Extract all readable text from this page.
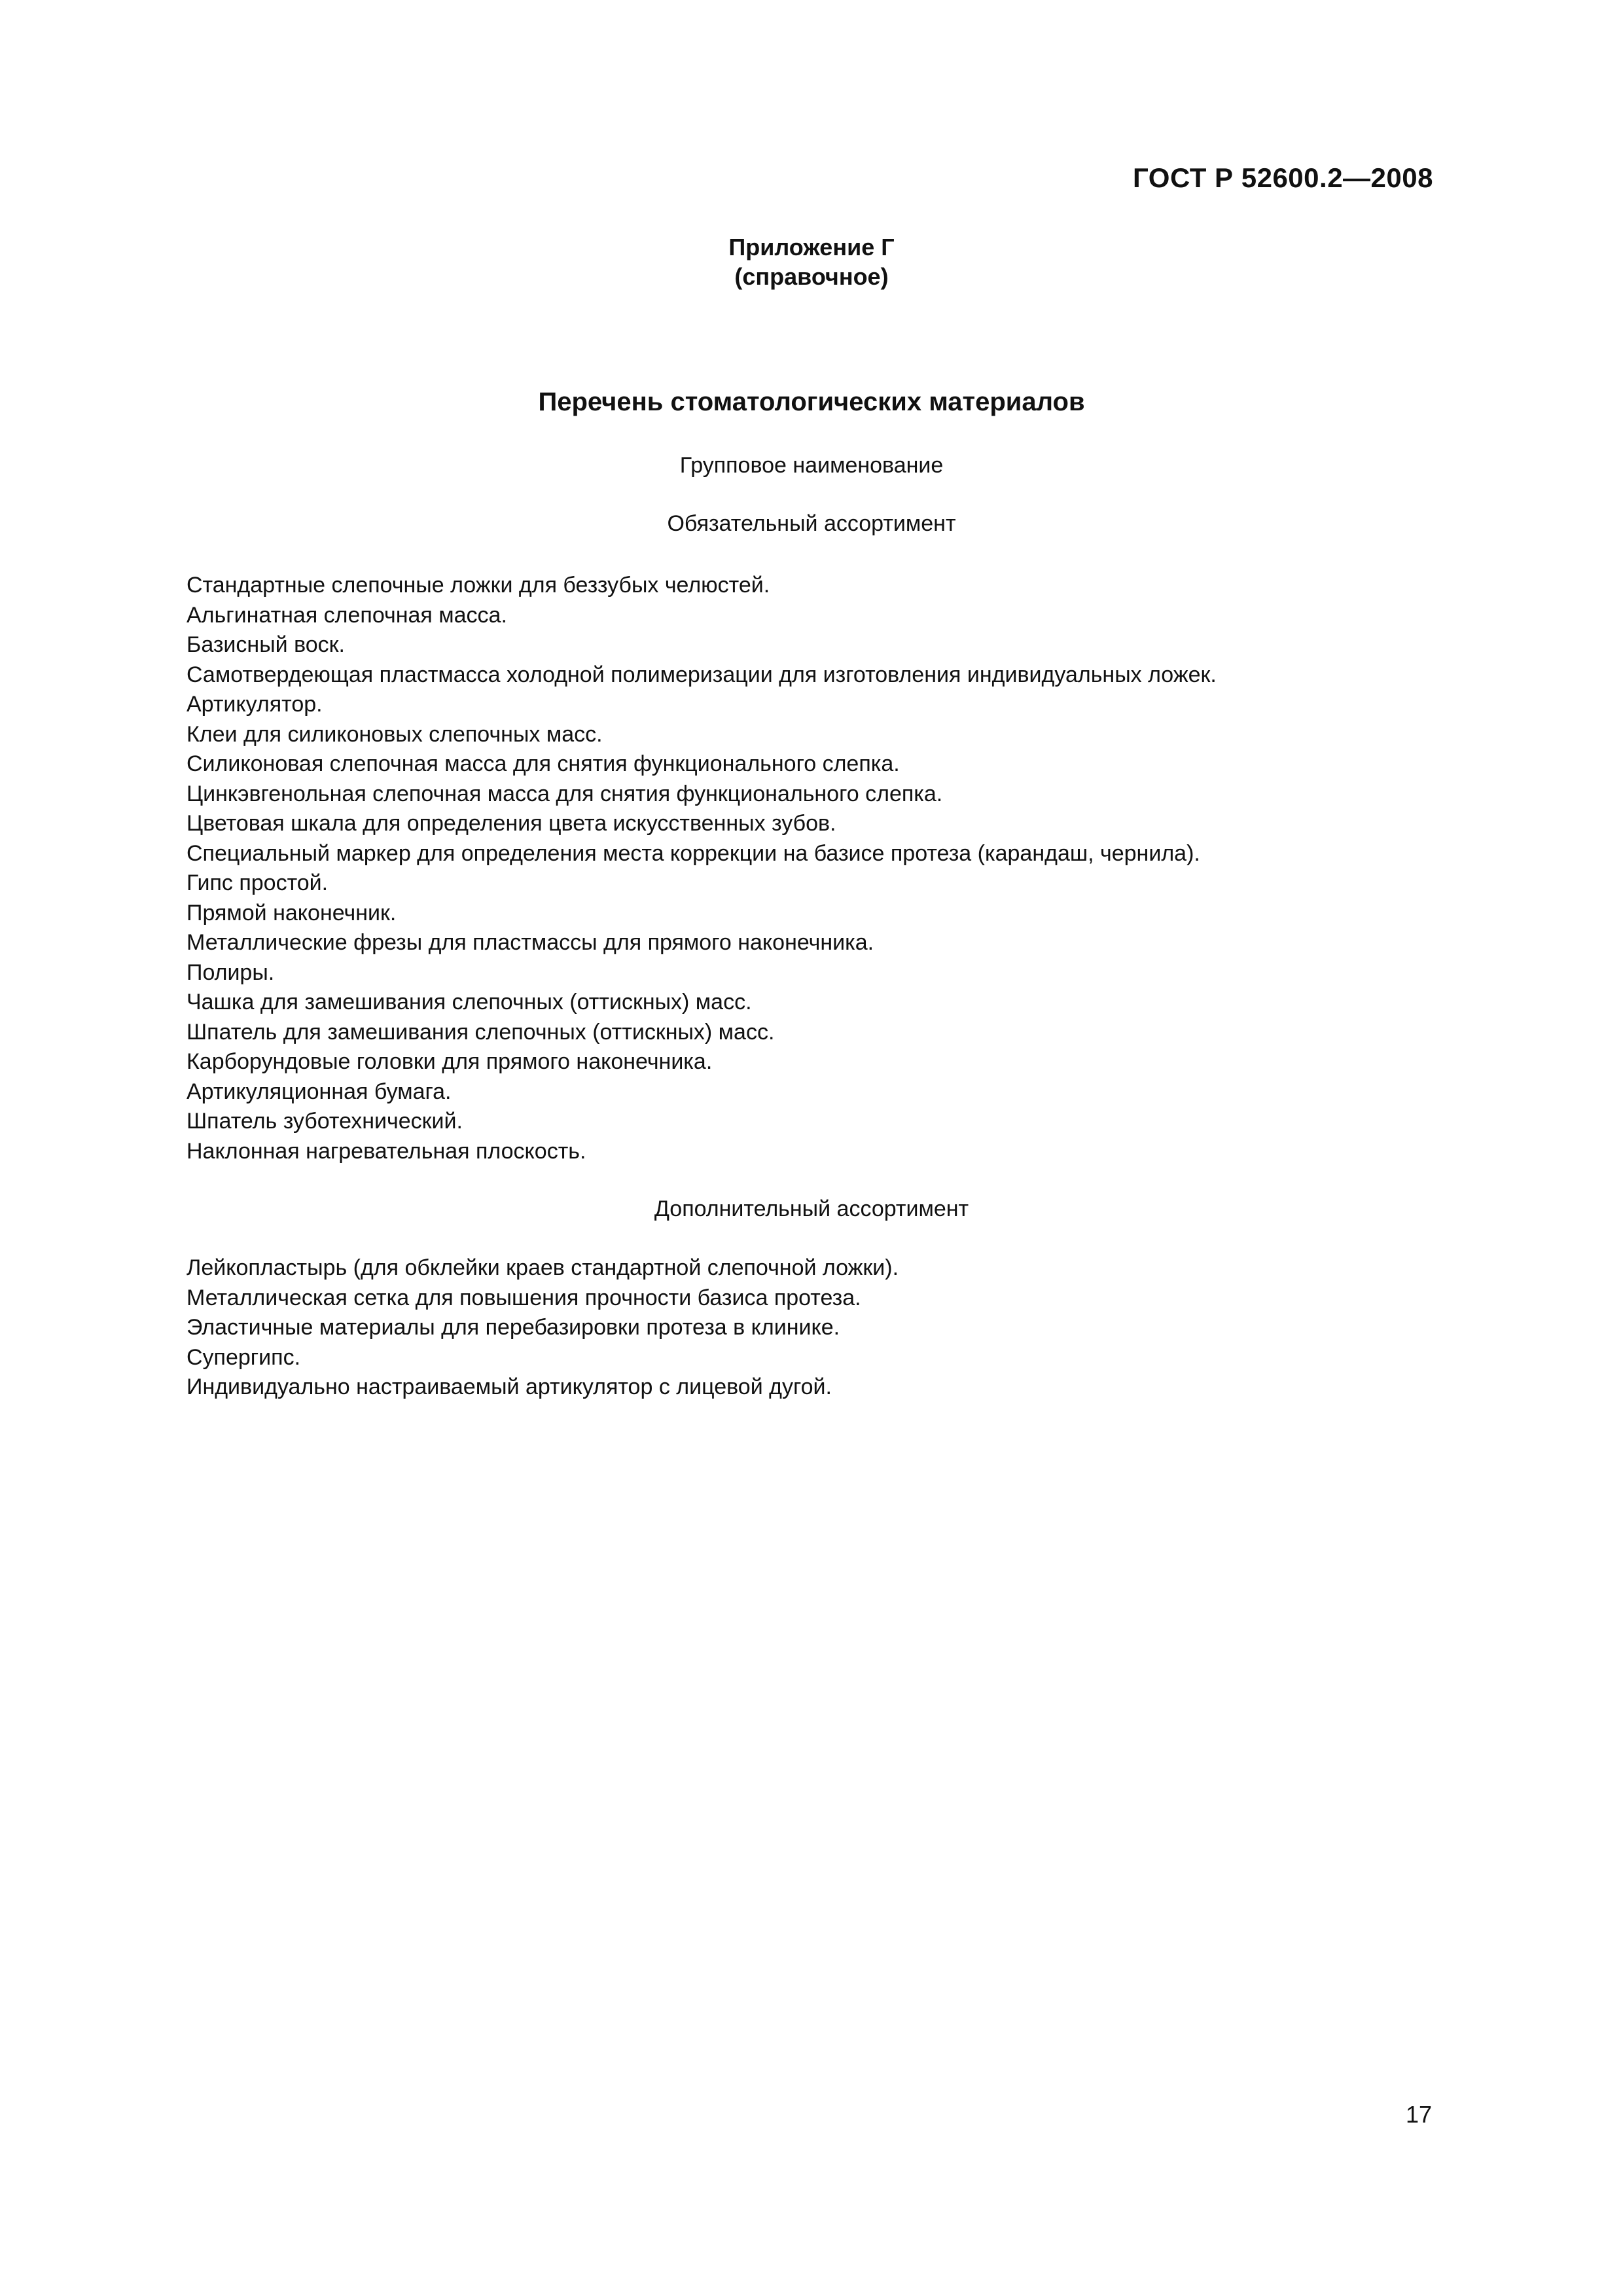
ГОСТ Р 52600.2—2008
Приложение Г
(справочное)
Перечень стоматологических материалов
Групповое наименование
Обязательный ассортимент
Стандартные слепочные ложки для беззубых челюстей.
Альгинатная слепочная масса.
Базисный воск.
Самотвердеющая пластмасса холодной полимеризации для изготовления индивидуальных ложек.
Артикулятор.
Клеи для силиконовых слепочных масс.
Силиконовая слепочная масса для снятия функционального слепка.
Цинкэвгенольная слепочная масса для снятия функционального слепка.
Цветовая шкала для определения цвета искусственных зубов.
Специальный маркер для определения места коррекции на базисе протеза (карандаш, чернила).
Гипс простой.
Прямой наконечник.
Металлические фрезы для пластмассы для прямого наконечника.
Полиры.
Чашка для замешивания слепочных (оттискных) масс.
Шпатель для замешивания слепочных (оттискных) масс.
Карборундовые головки для прямого наконечника.
Артикуляционная бумага.
Шпатель зуботехнический.
Наклонная нагревательная плоскость.
Дополнительный ассортимент
Лейкопластырь (для обклейки краев стандартной слепочной ложки).
Металлическая сетка для повышения прочности базиса протеза.
Эластичные материалы для перебазировки протеза в клинике.
Супергипс.
Индивидуально настраиваемый артикулятор с лицевой дугой.
17
